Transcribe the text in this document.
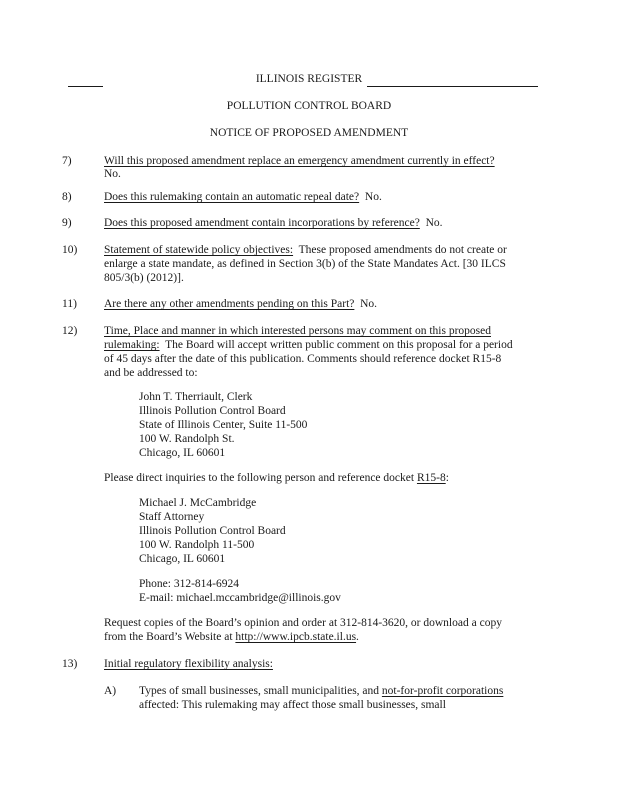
ILLINOIS REGISTER
POLLUTION CONTROL BOARD
NOTICE OF PROPOSED AMENDMENT
7)	Will this proposed amendment replace an emergency amendment currently in effect?
No.
8)	Does this rulemaking contain an automatic repeal date? No.
9)	Does this proposed amendment contain incorporations by reference? No.
10) Statement of statewide policy objectives: These proposed amendments do not create or
enlarge a state mandate, as defined in Section 3(b) of the State Mandates Act. [30 ILCS
805/3(b) (2012)].
11) Are there any other amendments pending on this Part? No.
12) Time, Place and manner in which interested persons may comment on this proposed
rulemaking: The Board will accept written public comment on this proposal for a period
of 45 days after the date of this publication. Comments should reference docket R15-8
and be addressed to:
John T. Therriault, Clerk
Illinois Pollution Control Board
State of Illinois Center, Suite 11-500
100 W. Randolph St.
Chicago, IL 60601
Please direct inquiries to the following person and reference docket R15-8:
Michael J. McCambridge
Staff Attorney
Illinois Pollution Control Board
100 W. Randolph 11-500
Chicago, IL 60601
Phone: 312-814-6924
E-mail: michael.mccambridge@illinois.gov
Request copies of the Board’s opinion and order at 312-814-3620, or download a copy
from the Board’s Website at http://www.ipcb.state.il.us.
13) Initial regulatory flexibility analysis:
A) Types of small businesses, small municipalities, and not-for-profit corporations
affected: This rulemaking may affect those small businesses, small
